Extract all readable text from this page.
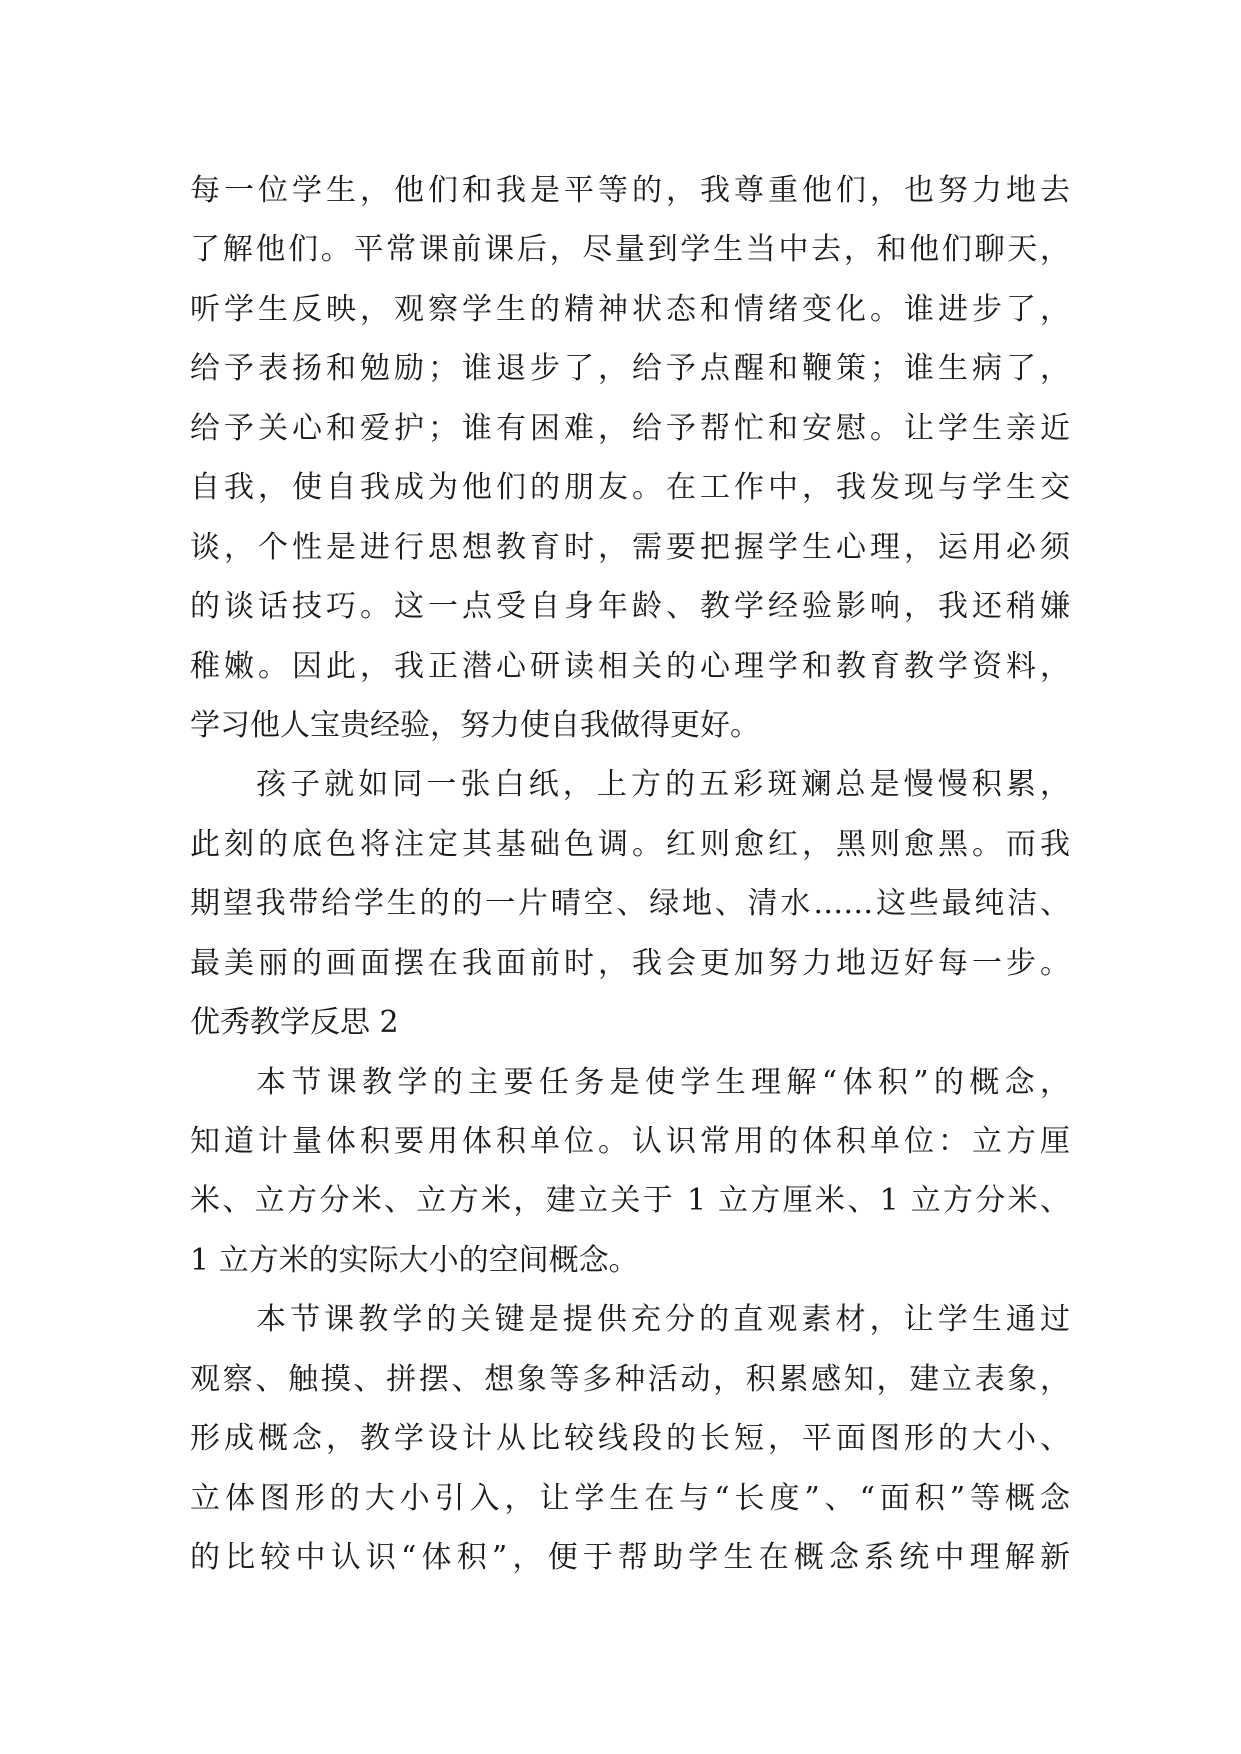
每一位学生，他们和我是平等的，我尊重他们，也努力地去
了解他们。平常课前课后，尽量到学生当中去，和他们聊天，
听学生反映，观察学生的精神状态和情绪变化。谁进步了，
给予表扬和勉励；谁退步了，给予点醒和鞭策；谁生病了，
给予关心和爱护；谁有困难，给予帮忙和安慰。让学生亲近
自我，使自我成为他们的朋友。在工作中，我发现与学生交
谈，个性是进行思想教育时，需要把握学生心理，运用必须
的谈话技巧。这一点受自身年龄、教学经验影响，我还稍嫌
稚嫩。因此，我正潜心研读相关的心理学和教育教学资料，
学习他人宝贵经验，努力使自我做得更好。
孩子就如同一张白纸，上方的五彩斑斓总是慢慢积累，
此刻的底色将注定其基础色调。红则愈红，黑则愈黑。而我
期望我带给学生的的一片晴空、绿地、清水……这些最纯洁、
最美丽的画面摆在我面前时，我会更加努力地迈好每一步。
优秀教学反思 2
本节课教学的主要任务是使学生理解“体积”的概念，
知道计量体积要用体积单位。认识常用的体积单位：立方厘
米、立方分米、立方米，建立关于 1 立方厘米、1 立方分米、
1 立方米的实际大小的空间概念。
本节课教学的关键是提供充分的直观素材，让学生通过
观察、触摸、拼摆、想象等多种活动，积累感知，建立表象，
形成概念，教学设计从比较线段的长短，平面图形的大小、
立体图形的大小引入，让学生在与“长度”、“面积”等概念
的比较中认识“体积”，便于帮助学生在概念系统中理解新
